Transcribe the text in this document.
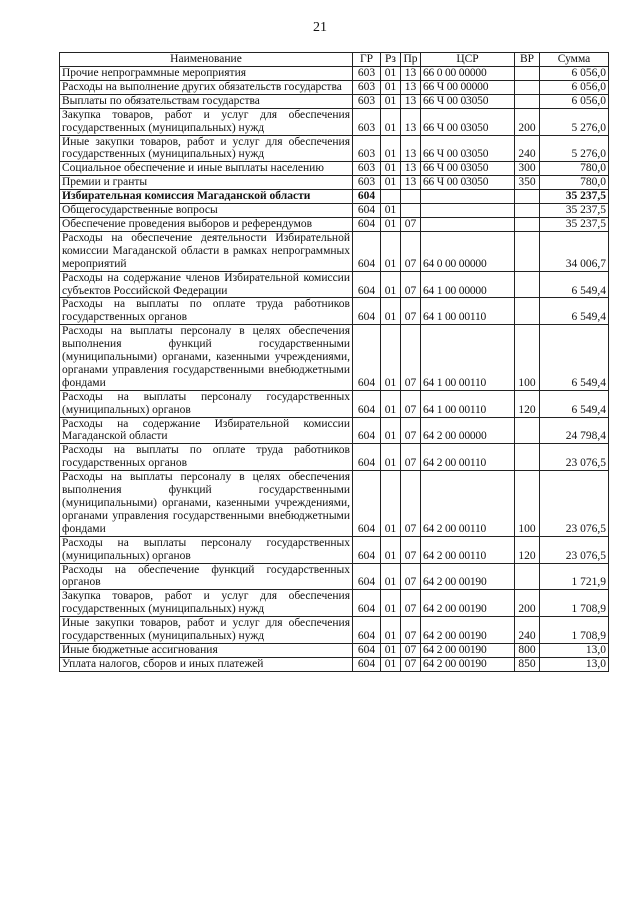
21
Наименование	ГР	Рз	Пр	ЦСР	ВР	Сумма
Прочие непрограммные мероприятия	603	01	13	66 0 00 00000		6 056,0
Расходы на выполнение других обязательств государства	603	01	13	66 Ч 00 00000		6 056,0
Выплаты по обязательствам государства	603	01	13	66 Ч 00 03050		6 056,0
Закупка товаров, работ и услуг для обеспечения государственных (муниципальных) нужд	603	01	13	66 Ч 00 03050	200	5 276,0
Иные закупки товаров, работ и услуг для обеспечения государственных (муниципальных) нужд	603	01	13	66 Ч 00 03050	240	5 276,0
Социальное обеспечение и иные выплаты населению	603	01	13	66 Ч 00 03050	300	780,0
Премии и гранты	603	01	13	66 Ч 00 03050	350	780,0
Избирательная комиссия Магаданской области	604					35 237,5
Общегосударственные вопросы	604	01				35 237,5
Обеспечение проведения выборов и референдумов	604	01	07			35 237,5
Расходы на обеспечение деятельности Избирательной комиссии Магаданской области в рамках непрограммных мероприятий	604	01	07	64 0 00 00000		34 006,7
Расходы на содержание членов Избирательной комиссии субъектов Российской Федерации	604	01	07	64 1 00 00000		6 549,4
Расходы на выплаты по оплате труда работников государственных органов	604	01	07	64 1 00 00110		6 549,4
Расходы на выплаты персоналу в целях обеспечения выполнения функций государственными (муниципальными) органами, казенными учреждениями, органами управления государственными внебюджетными фондами	604	01	07	64 1 00 00110	100	6 549,4
Расходы на выплаты персоналу государственных (муниципальных) органов	604	01	07	64 1 00 00110	120	6 549,4
Расходы на содержание Избирательной комиссии Магаданской области	604	01	07	64 2 00 00000		24 798,4
Расходы на выплаты по оплате труда работников государственных органов	604	01	07	64 2 00 00110		23 076,5
Расходы на выплаты персоналу в целях обеспечения выполнения функций государственными (муниципальными) органами, казенными учреждениями, органами управления государственными внебюджетными фондами	604	01	07	64 2 00 00110	100	23 076,5
Расходы на выплаты персоналу государственных (муниципальных) органов	604	01	07	64 2 00 00110	120	23 076,5
Расходы на обеспечение функций государственных органов	604	01	07	64 2 00 00190		1 721,9
Закупка товаров, работ и услуг для обеспечения государственных (муниципальных) нужд	604	01	07	64 2 00 00190	200	1 708,9
Иные закупки товаров, работ и услуг для обеспечения государственных (муниципальных) нужд	604	01	07	64 2 00 00190	240	1 708,9
Иные бюджетные ассигнования	604	01	07	64 2 00 00190	800	13,0
Уплата налогов, сборов и иных платежей	604	01	07	64 2 00 00190	850	13,0
